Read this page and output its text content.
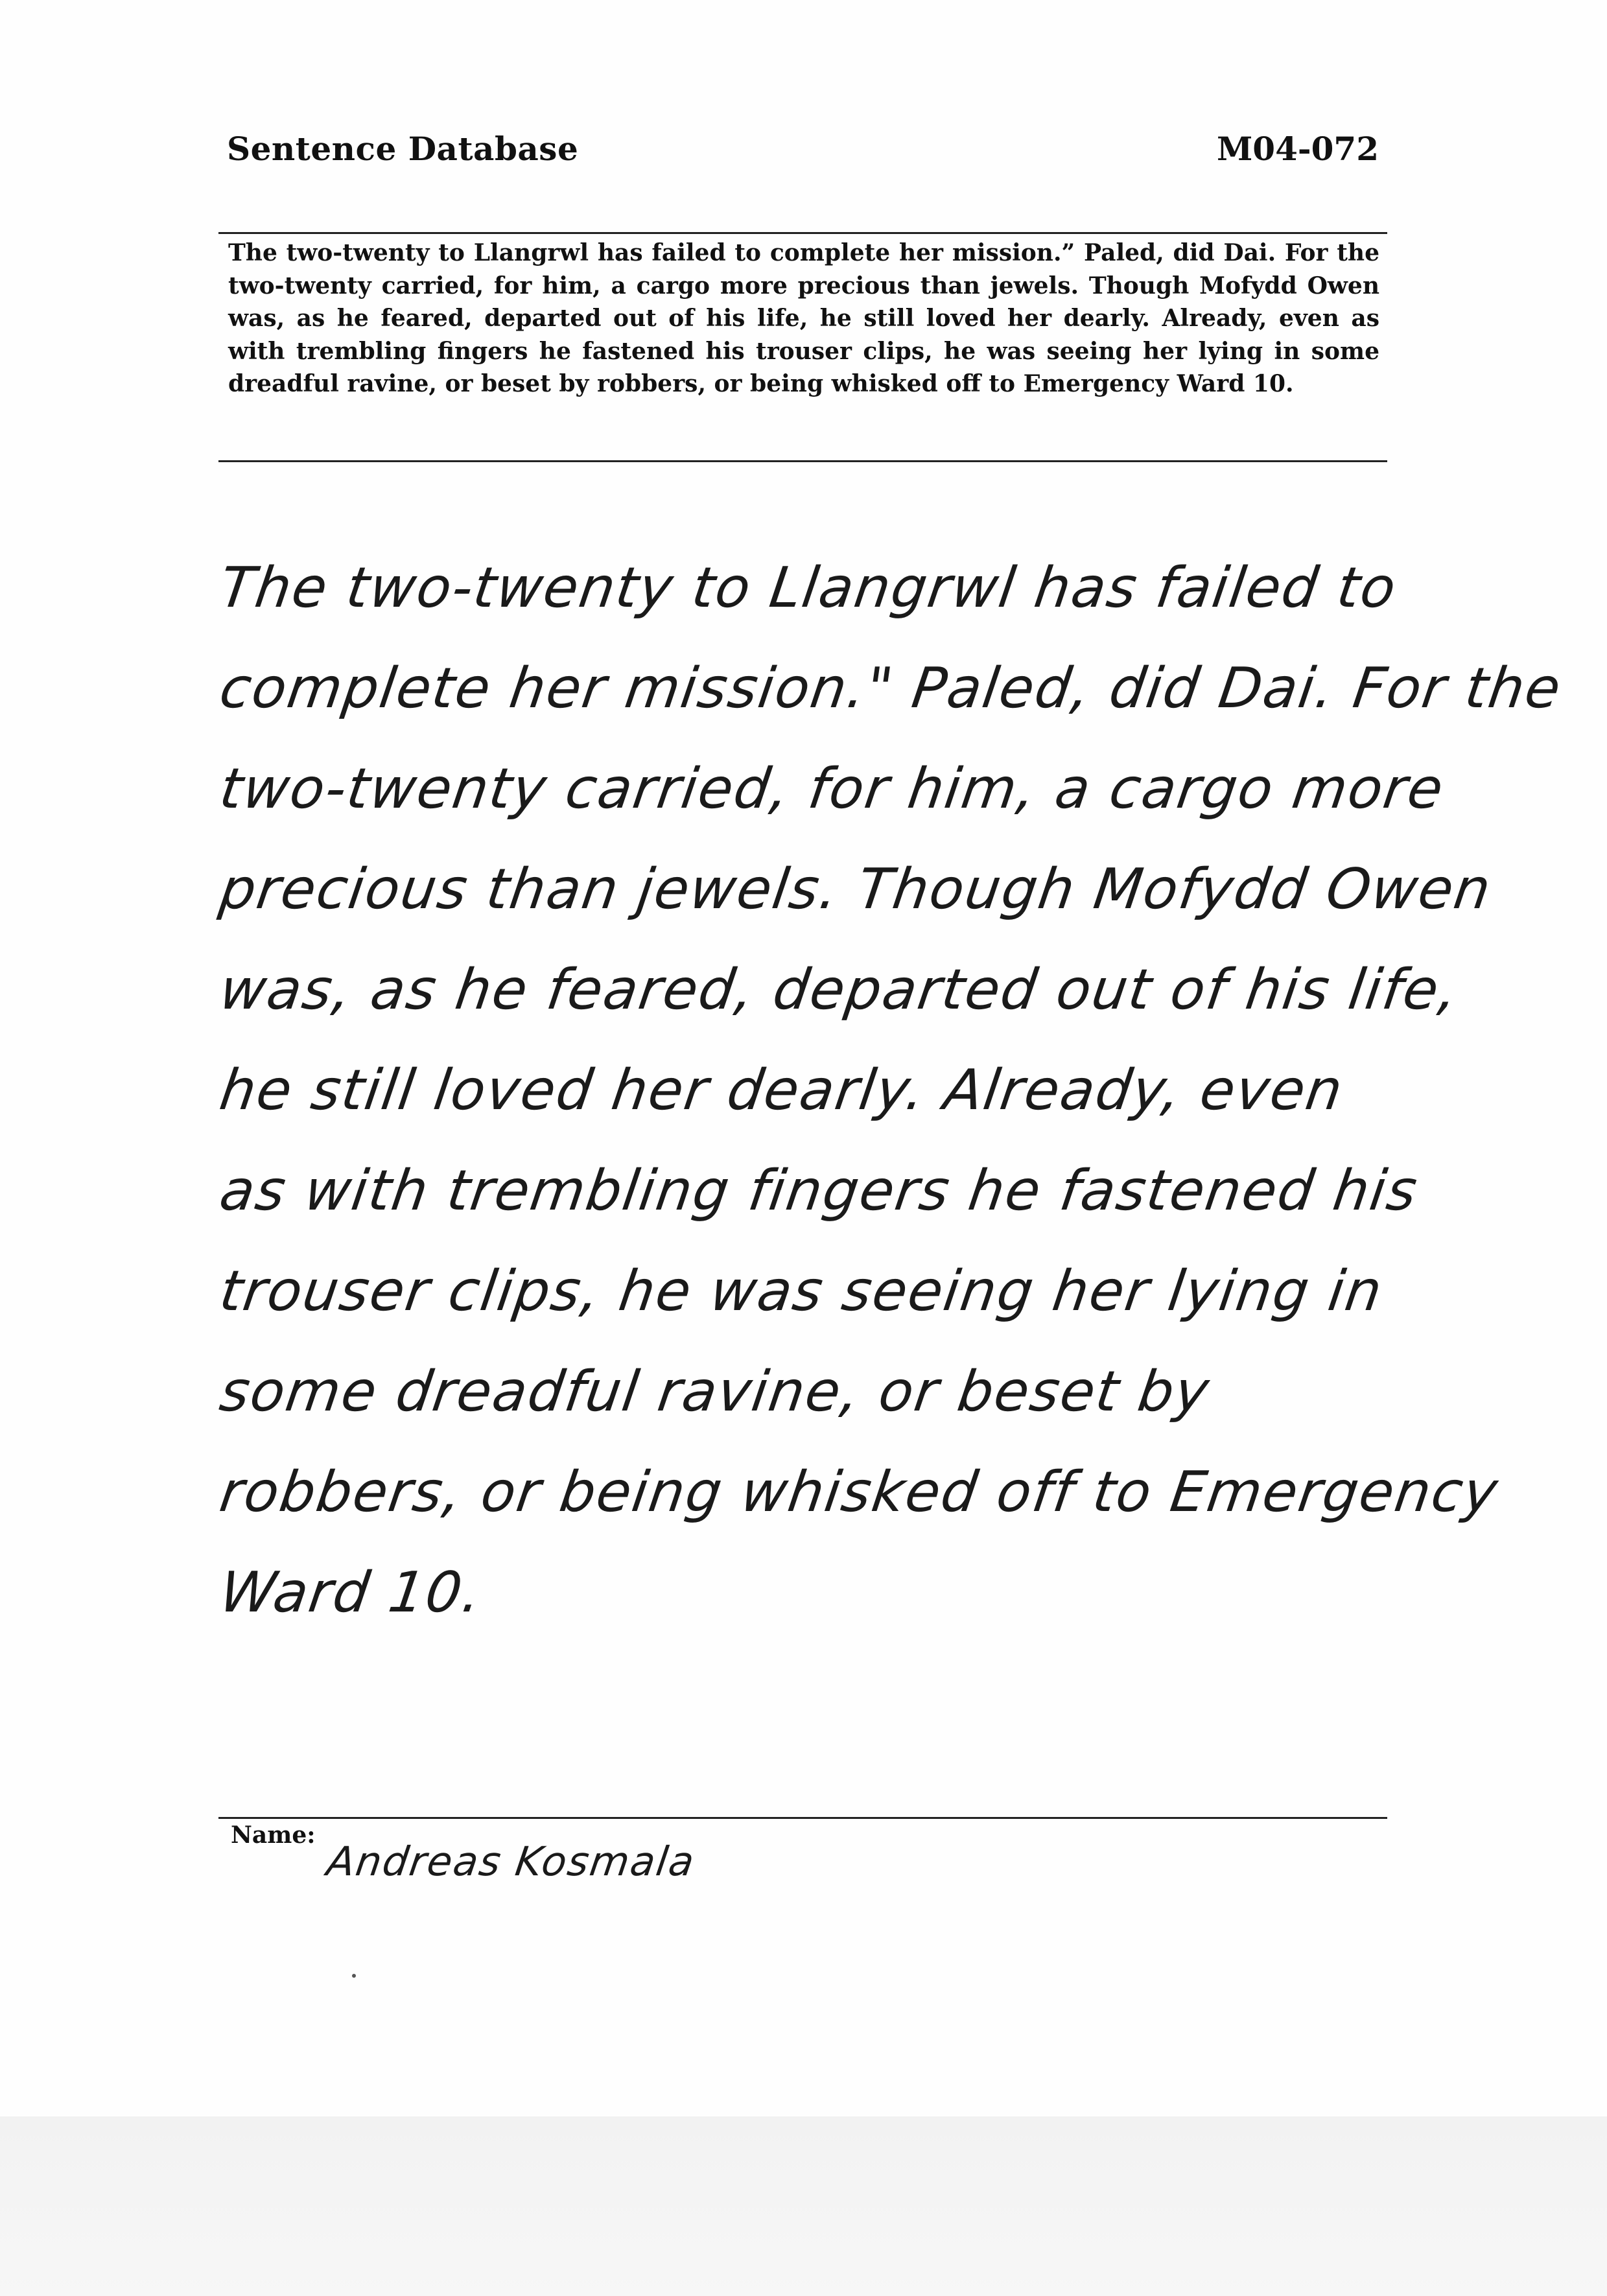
Sentence Database	M04-072

The two-twenty to Llangrwl has failed to complete her mission.” Paled, did Dai. For the two-twenty carried, for him, a cargo more precious than jewels. Though Mofydd Owen was, as he feared, departed out of his life, he still loved her dearly. Already, even as with trembling fingers he fastened his trouser clips, he was seeing her lying in some dreadful ravine, or beset by robbers, or being whisked off to Emergency Ward 10.

The two-twenty to Llangrwl has failed to
complete her mission." Paled, did Dai. For the
two-twenty carried, for him, a cargo more
precious than jewels. Though Mofydd Owen
was, as he feared, departed out of his life,
he still loved her dearly. Already, even
as with trembling fingers he fastened his
trouser clips, he was seeing her lying in
some dreadful ravine, or beset by
robbers, or being whisked off to Emergency
Ward 10.
Name:
Andreas Kosmala
